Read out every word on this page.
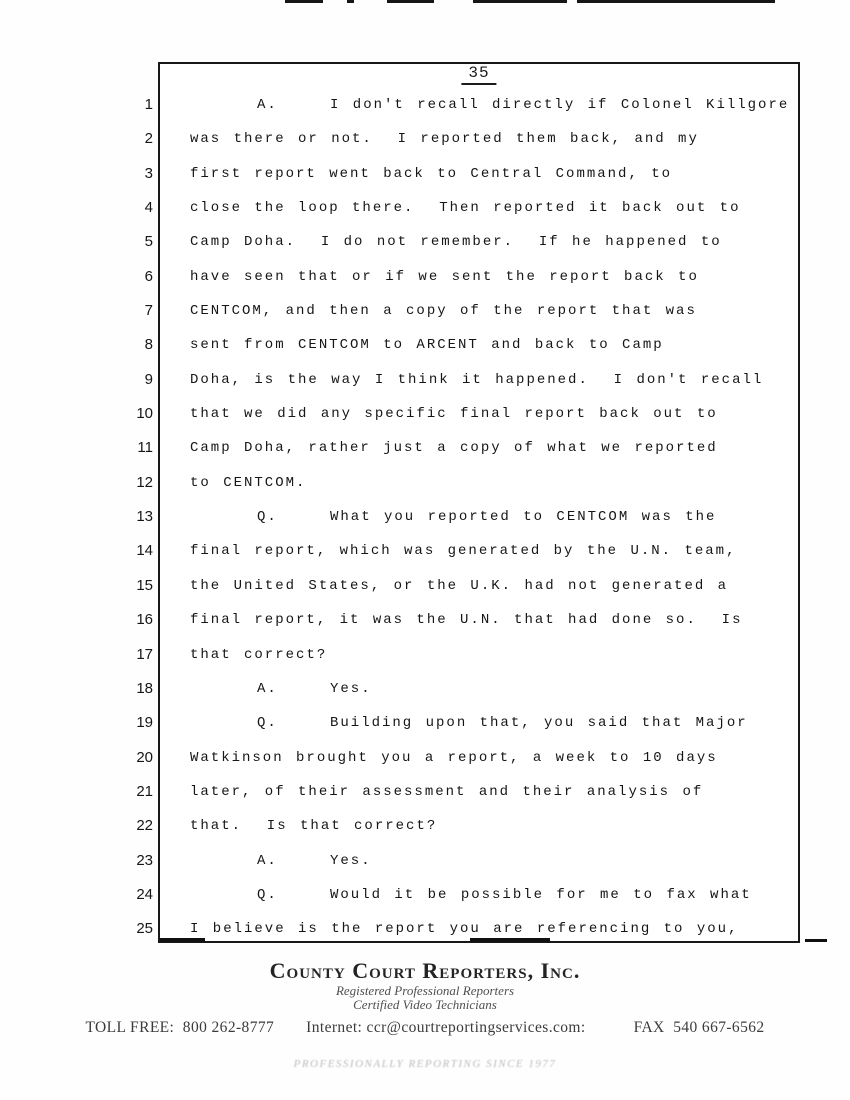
35
1	A.	I don't recall directly if Colonel Killgore
2	was there or not.  I reported them back, and my
3	first report went back to Central Command, to
4	close the loop there.  Then reported it back out to
5	Camp Doha.  I do not remember.  If he happened to
6	have seen that or if we sent the report back to
7	CENTCOM, and then a copy of the report that was
8	sent from CENTCOM to ARCENT and back to Camp
9	Doha, is the way I think it happened.  I don't recall
10	that we did any specific final report back out to
11	Camp Doha, rather just a copy of what we reported
12	to CENTCOM.
13	Q.	What you reported to CENTCOM was the
14	final report, which was generated by the U.N. team,
15	the United States, or the U.K. had not generated a
16	final report, it was the U.N. that had done so.  Is
17	that correct?
18	A.	Yes.
19	Q.	Building upon that, you said that Major
20	Watkinson brought you a report, a week to 10 days
21	later, of their assessment and their analysis of
22	that.  Is that correct?
23	A.	Yes.
24	Q.	Would it be possible for me to fax what
25	I believe is the report you are referencing to you,
County Court Reporters, Inc.
Registered Professional Reporters
Certified Video Technicians
TOLL FREE:  800 262-8777 Internet: ccr@courtreportingservices.com:	FAX  540 667-6562
PROFESSIONALLY REPORTING SINCE 1977
